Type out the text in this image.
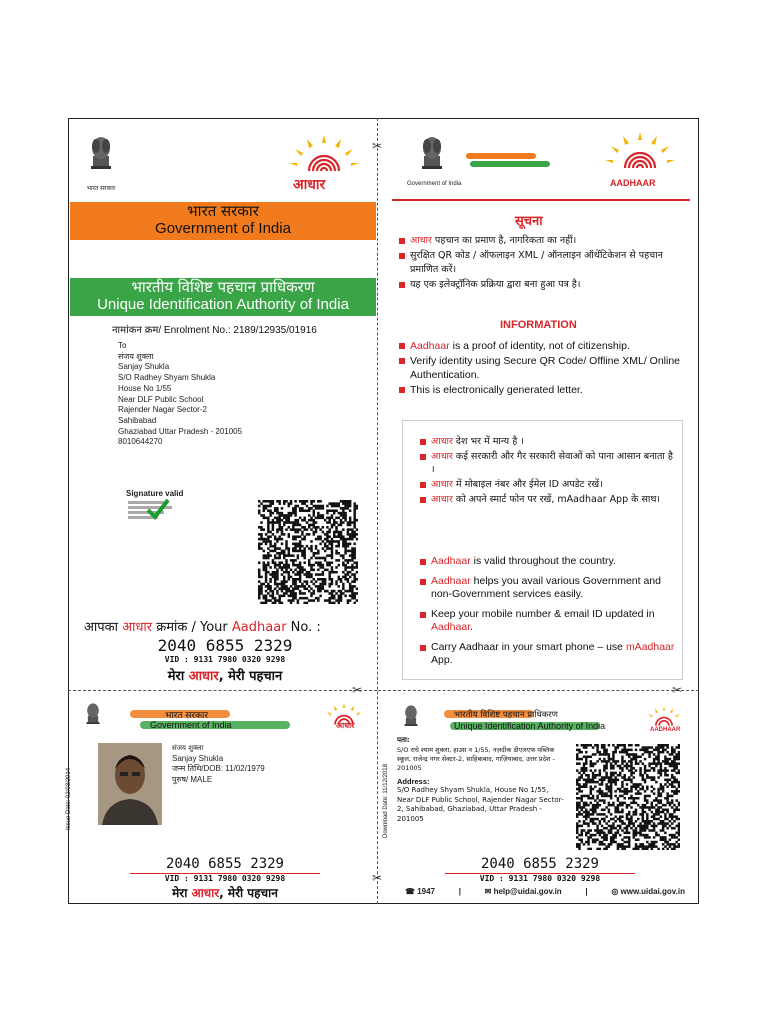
✂
✂
✂	✂
भारत सरकार	आधार
भारत सरकार
Government of India
भारतीय विशिष्ट पहचान प्राधिकरण
Unique Identification Authority of India
नामांकन क्रम/ Enrolment No.: 2189/12935/01916
To
संजय शुक्ला
Sanjay Shukla
S/O Radhey Shyam Shukla
House No 1/55
Near DLF Public School
Rajender Nagar Sector-2
Sahibabad
Ghaziabad Uttar Pradesh - 201005
8010644270
Signature valid
आपका आधार क्रमांक / Your Aadhaar No. :
2040 6855 2329
VID : 9131 7980 0320 9298
मेरा आधार, मेरी पहचान
Government of India	AADHAAR
सूचना
आधार पहचान का प्रमाण है, नागरिकता का नहीं।
सुरक्षित QR कोड / ऑफलाइन XML / ऑनलाइन ऑथेंटिकेशन से पहचान प्रमाणित करें।
यह एक इलेक्ट्रॉनिक प्रक्रिया द्वारा बना हुआ पत्र है।
INFORMATION
Aadhaar is a proof of identity, not of citizenship.
Verify identity using Secure QR Code/ Offline XML/ Online Authentication.
This is electronically generated letter.
आधार देश भर में मान्य है ।
आधार कई सरकारी और गैर सरकारी सेवाओं को पाना आसान बनाता है ।
आधार में मोबाइल नंबर और ईमेल ID अपडेट रखें।
आधार को अपने स्मार्ट फोन पर रखें, mAadhaar App के साथ।
Aadhaar is valid throughout the country.
Aadhaar helps you avail various Government and non-Government services easily.
Keep your mobile number & email ID updated in Aadhaar.
Carry Aadhaar in your smart phone – use mAadhaar App.
भारत सरकार
Government of India	आधार
Issue Date: 02/03/2014
संजय शुक्ला
Sanjay Shukla
जन्म तिथि/DOB: 11/02/1979
पुरुष/ MALE
2040 6855 2329
VID : 9131 7980 0320 9298
मेरा आधार, मेरी पहचान
भारतीय विशिष्ट पहचान प्राधिकरण
Unique Identification Authority of India	AADHAAR
Download Date: 11/12/2018
पता:
S/O राधे श्याम शुक्ला, हाउस न 1/55, नज़दीक डीएलएफ पब्लिक स्कूल, राजेन्द्र नगर सेक्टर-2, साहिबाबाद, गाज़ियाबाद, उत्तर प्रदेश - 201005
Address:
S/O Radhey Shyam Shukla, House No 1/55, Near DLF Public School, Rajender Nagar Sector-2, Sahibabad, Ghaziabad, Uttar Pradesh - 201005
2040 6855 2329
VID : 9131 7980 0320 9298
☎ 1947	|	✉ help@uidai.gov.in	|	◎ www.uidai.gov.in
